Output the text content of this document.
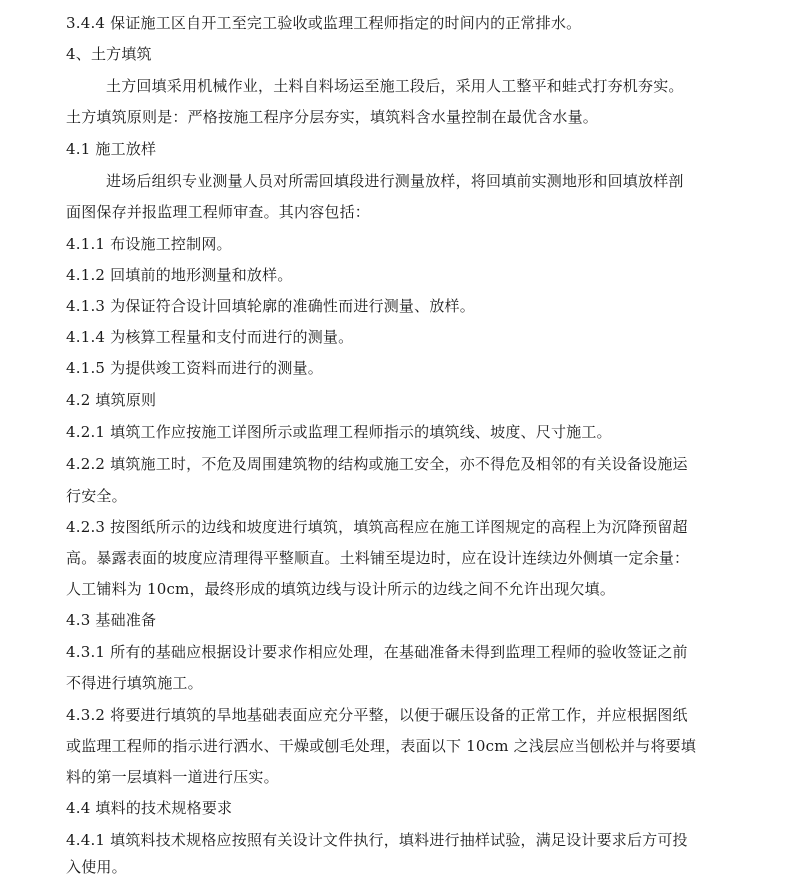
3.4.4 保证施工区自开工至完工验收或监理工程师指定的时间内的正常排水。
4、土方填筑
土方回填采用机械作业，土料自料场运至施工段后，采用人工整平和蛙式打夯机夯实。
土方填筑原则是：严格按施工程序分层夯实，填筑料含水量控制在最优含水量。
4.1 施工放样
进场后组织专业测量人员对所需回填段进行测量放样，将回填前实测地形和回填放样剖
面图保存并报监理工程师审查。其内容包括：
4.1.1 布设施工控制网。
4.1.2 回填前的地形测量和放样。
4.1.3 为保证符合设计回填轮廓的准确性而进行测量、放样。
4.1.4 为核算工程量和支付而进行的测量。
4.1.5 为提供竣工资料而进行的测量。
4.2 填筑原则
4.2.1 填筑工作应按施工详图所示或监理工程师指示的填筑线、坡度、尺寸施工。
4.2.2 填筑施工时，不危及周围建筑物的结构或施工安全，亦不得危及相邻的有关设备设施运
行安全。
4.2.3 按图纸所示的边线和坡度进行填筑，填筑高程应在施工详图规定的高程上为沉降预留超
高。暴露表面的坡度应清理得平整顺直。土料铺至堤边时，应在设计连续边外侧填一定余量：
人工铺料为 10cm，最终形成的填筑边线与设计所示的边线之间不允许出现欠填。
4.3 基础准备
4.3.1 所有的基础应根据设计要求作相应处理，在基础准备未得到监理工程师的验收签证之前
不得进行填筑施工。
4.3.2 将要进行填筑的旱地基础表面应充分平整，以便于碾压设备的正常工作，并应根据图纸
或监理工程师的指示进行洒水、干燥或刨毛处理，表面以下 10cm 之浅层应当刨松并与将要填
料的第一层填料一道进行压实。
4.4 填料的技术规格要求
4.4.1 填筑料技术规格应按照有关设计文件执行，填料进行抽样试验，满足设计要求后方可投
入使用。
